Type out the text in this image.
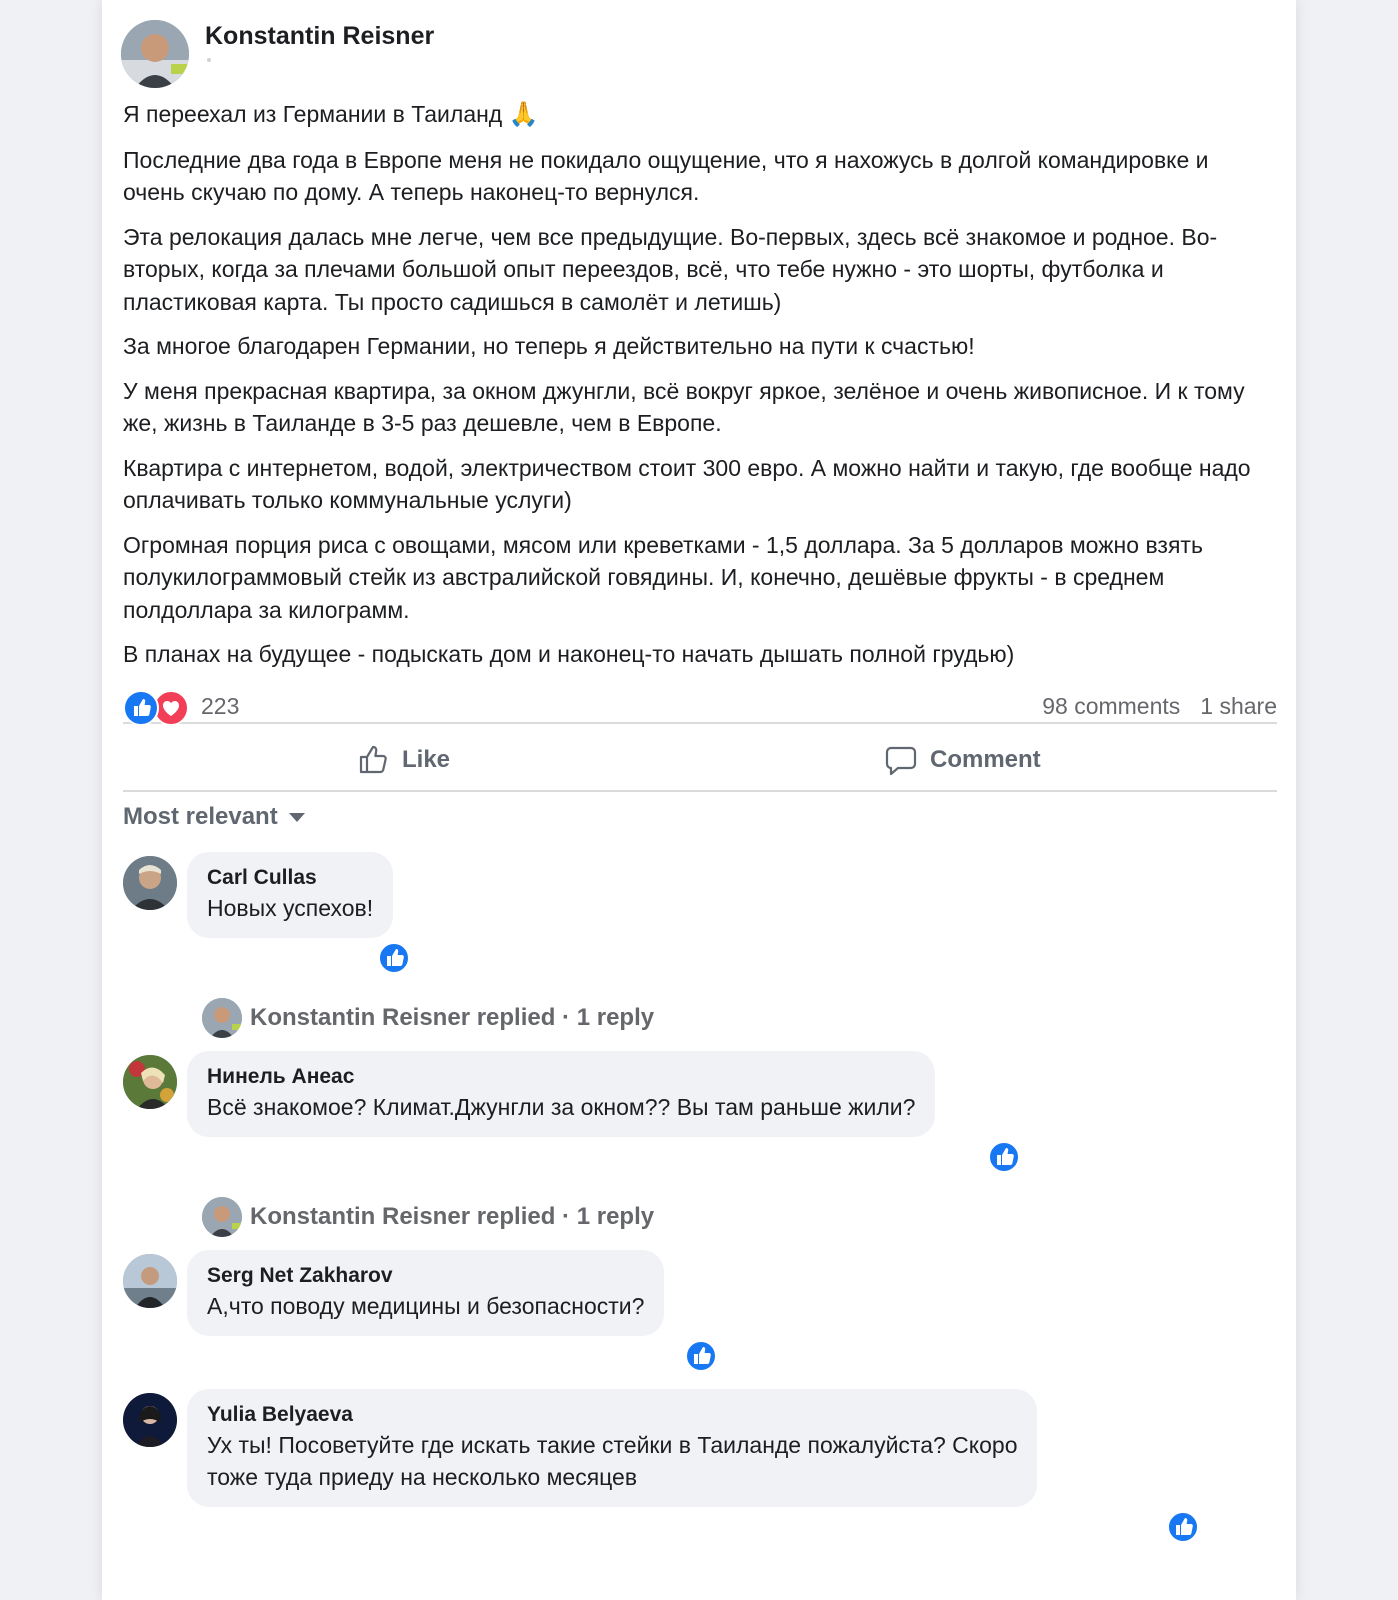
Konstantin Reisner

Я переехал из Германии в Таиланд 🙏

Последние два года в Европе меня не покидало ощущение, что я нахожусь в долгой командировке и очень скучаю по дому. А теперь наконец-то вернулся.

Эта релокация далась мне легче, чем все предыдущие. Во-первых, здесь всё знакомое и родное. Во-вторых, когда за плечами большой опыт переездов, всё, что тебе нужно - это шорты, футболка и пластиковая карта. Ты просто садишься в самолёт и летишь)

За многое благодарен Германии, но теперь я действительно на пути к счастью!

У меня прекрасная квартира, за окном джунгли, всё вокруг яркое, зелёное и очень живописное. И к тому же, жизнь в Таиланде в 3-5 раз дешевле, чем в Европе.

Квартира с интернетом, водой, электричеством стоит 300 евро. А можно найти и такую, где вообще надо оплачивать только коммунальные услуги)

Огромная порция риса с овощами, мясом или креветками - 1,5 доллара. За 5 долларов можно взять полукилограммовый стейк из австралийской говядины. И, конечно, дешёвые фрукты - в среднем полдоллара за килограмм.

В планах на будущее - подыскать дом и наконец-то начать дышать полной грудью)

223	98 comments 1 share
Like	Comment
Most relevant
Carl Cullas
Новых успехов!
Konstantin Reisner replied · 1 reply
Нинель Анеас
Всё знакомое? Климат.Джунгли за окном?? Вы там раньше жили?
Konstantin Reisner replied · 1 reply
Serg Net Zakharov
А,что поводу медицины и безопасности?
Yulia Belyaeva
Ух ты! Посоветуйте где искать такие стейки в Таиланде пожалуйста? Скоро
тоже туда приеду на несколько месяцев
